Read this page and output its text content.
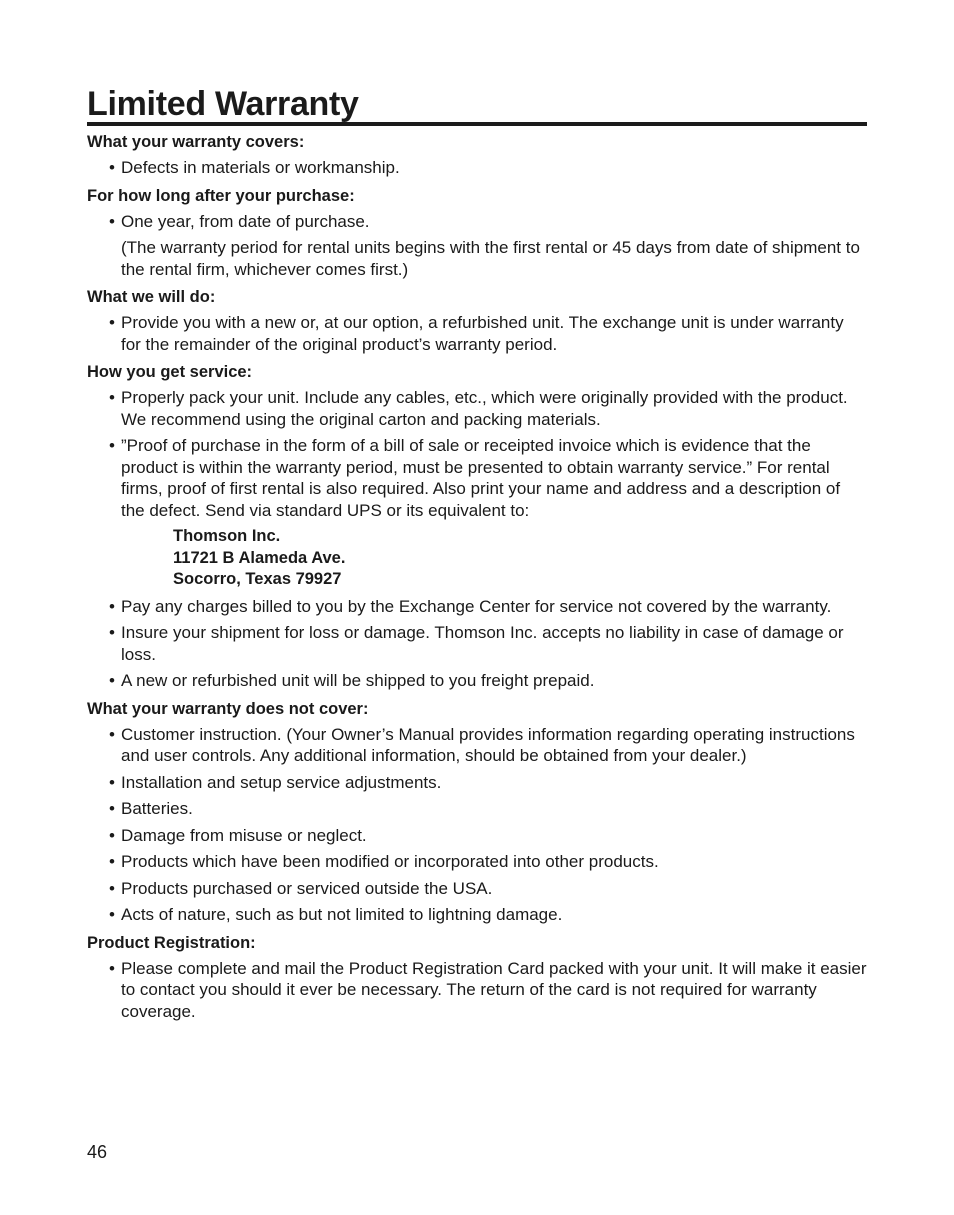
Limited Warranty
What your warranty covers:
• Defects in materials or workmanship.
For how long after your purchase:
• One year, from date of purchase.
(The warranty period for rental units begins with the first rental or 45 days from date of shipment to the rental firm, whichever comes first.)
What we will do:
• Provide you with a new or, at our option, a refurbished unit. The exchange unit is under warranty for the remainder of the original product’s warranty period.
How you get service:
• Properly pack your unit. Include any cables, etc., which were originally provided with the product. We recommend using the original carton and packing materials.
• ”Proof of purchase in the form of a bill of sale or receipted invoice which is evidence that the product is within the warranty period, must be presented to obtain warranty service.” For rental firms, proof of first rental is also required. Also print your name and address and a description of the defect. Send via standard UPS or its equivalent to:
Thomson Inc.
11721 B Alameda Ave.
Socorro, Texas 79927
• Pay any charges billed to you by the Exchange Center for service not covered by the warranty.
• Insure your shipment for loss or damage. Thomson Inc. accepts no liability in case of damage or loss.
• A new or refurbished unit will be shipped to you freight prepaid.
What your warranty does not cover:
• Customer instruction. (Your Owner’s Manual provides information regarding operating instructions and user controls. Any additional information, should be obtained from your dealer.)
• Installation and setup service adjustments.
• Batteries.
• Damage from misuse or neglect.
• Products which have been modified or incorporated into other products.
• Products purchased or serviced outside the USA.
• Acts of nature, such as but not limited to lightning damage.
Product Registration:
• Please complete and mail the Product Registration Card packed with your unit. It will make it easier to contact you should it ever be necessary. The return of the card is not required for warranty coverage.
46
